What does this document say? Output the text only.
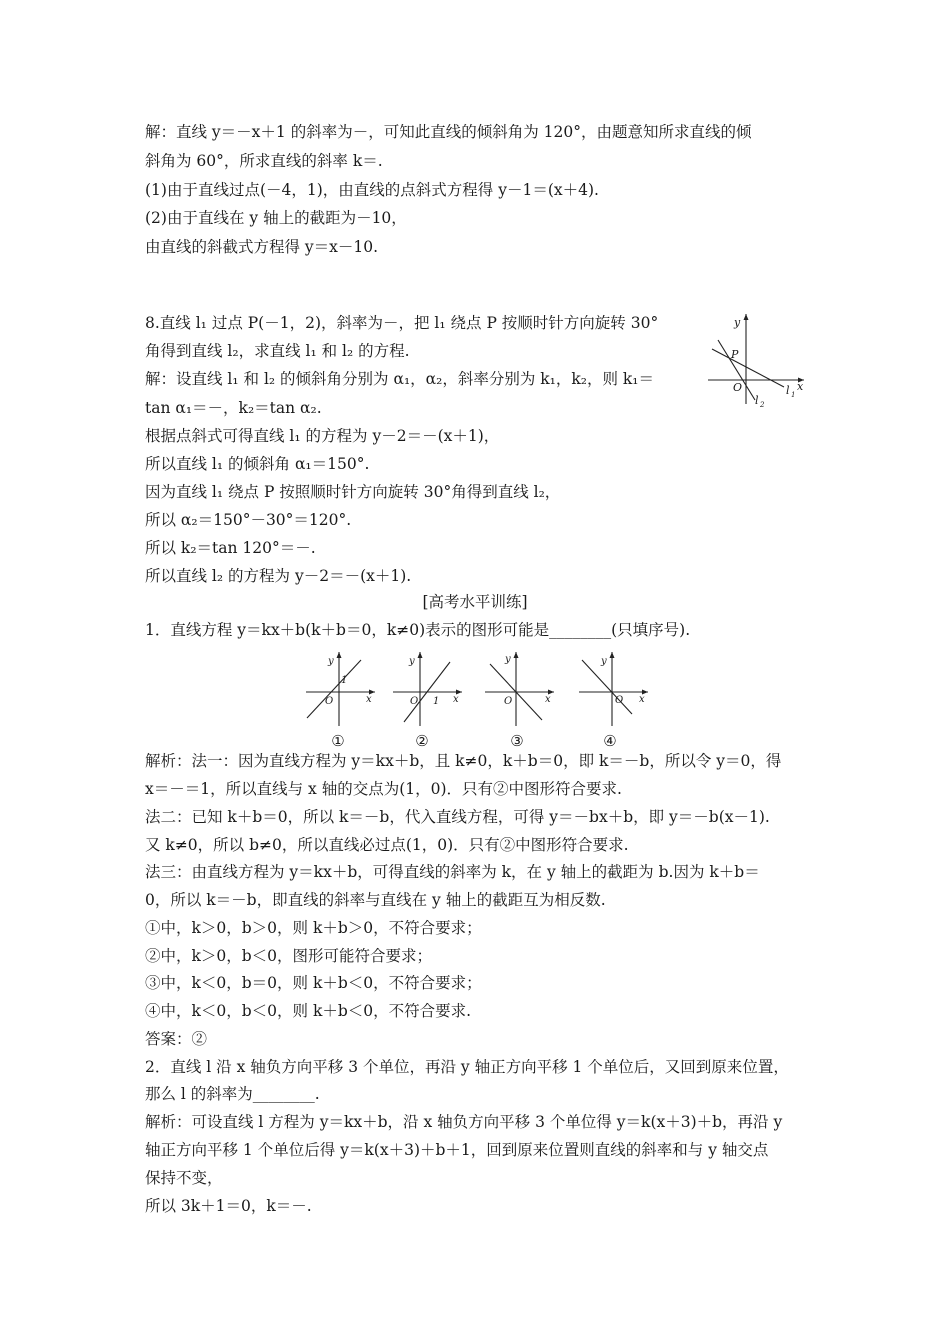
解：直线 y＝－x＋1 的斜率为－，可知此直线的倾斜角为 120°，由题意知所求直线的倾
斜角为 60°，所求直线的斜率 k＝.
(1)由于直线过点(－4，1)，由直线的点斜式方程得 y－1＝(x＋4).
(2)由于直线在 y 轴上的截距为－10，
由直线的斜截式方程得 y＝x－10.
8.直线 l₁ 过点 P(－1，2)，斜率为－，把 l₁ 绕点 P 按顺时针方向旋转 30°
角得到直线 l₂，求直线 l₁ 和 l₂ 的方程.
解：设直线 l₁ 和 l₂ 的倾斜角分别为 α₁，α₂，斜率分别为 k₁，k₂，则 k₁＝
tan α₁＝－，k₂＝tan α₂.
根据点斜式可得直线 l₁ 的方程为 y－2＝－(x＋1)，
所以直线 l₁ 的倾斜角 α₁＝150°.
因为直线 l₁ 绕点 P 按照顺时针方向旋转 30°角得到直线 l₂，
所以 α₂＝150°－30°＝120°.
所以 k₂＝tan 120°＝－.
所以直线 l₂ 的方程为 y－2＝－(x＋1).
y
x
P
O	l 1
l 2
[高考水平训练]
1．直线方程 y＝kx＋b(k＋b＝0，k≠0)表示的图形可能是________(只填序号).
y
x
O
1
①
y
x
O 1
②
y
x
O
③
y
x
O
④
解析：法一：因为直线方程为 y＝kx＋b，且 k≠0，k＋b＝0，即 k＝－b，所以令 y＝0，得
x＝－＝1，所以直线与 x 轴的交点为(1，0)．只有②中图形符合要求.
法二：已知 k＋b＝0，所以 k＝－b，代入直线方程，可得 y＝－bx＋b，即 y＝－b(x－1).
又 k≠0，所以 b≠0，所以直线必过点(1，0)．只有②中图形符合要求.
法三：由直线方程为 y＝kx＋b，可得直线的斜率为 k，在 y 轴上的截距为 b.因为 k＋b＝
0，所以 k＝－b，即直线的斜率与直线在 y 轴上的截距互为相反数.
①中，k＞0，b＞0，则 k＋b＞0，不符合要求；
②中，k＞0，b＜0，图形可能符合要求；
③中，k＜0，b＝0，则 k＋b＜0，不符合要求；
④中，k＜0，b＜0，则 k＋b＜0，不符合要求.
答案：②
2．直线 l 沿 x 轴负方向平移 3 个单位，再沿 y 轴正方向平移 1 个单位后，又回到原来位置，
那么 l 的斜率为________.
解析：可设直线 l 方程为 y＝kx＋b，沿 x 轴负方向平移 3 个单位得 y＝k(x＋3)＋b，再沿 y
轴正方向平移 1 个单位后得 y＝k(x＋3)＋b＋1，回到原来位置则直线的斜率和与 y 轴交点
保持不变，
所以 3k＋1＝0，k＝－.
